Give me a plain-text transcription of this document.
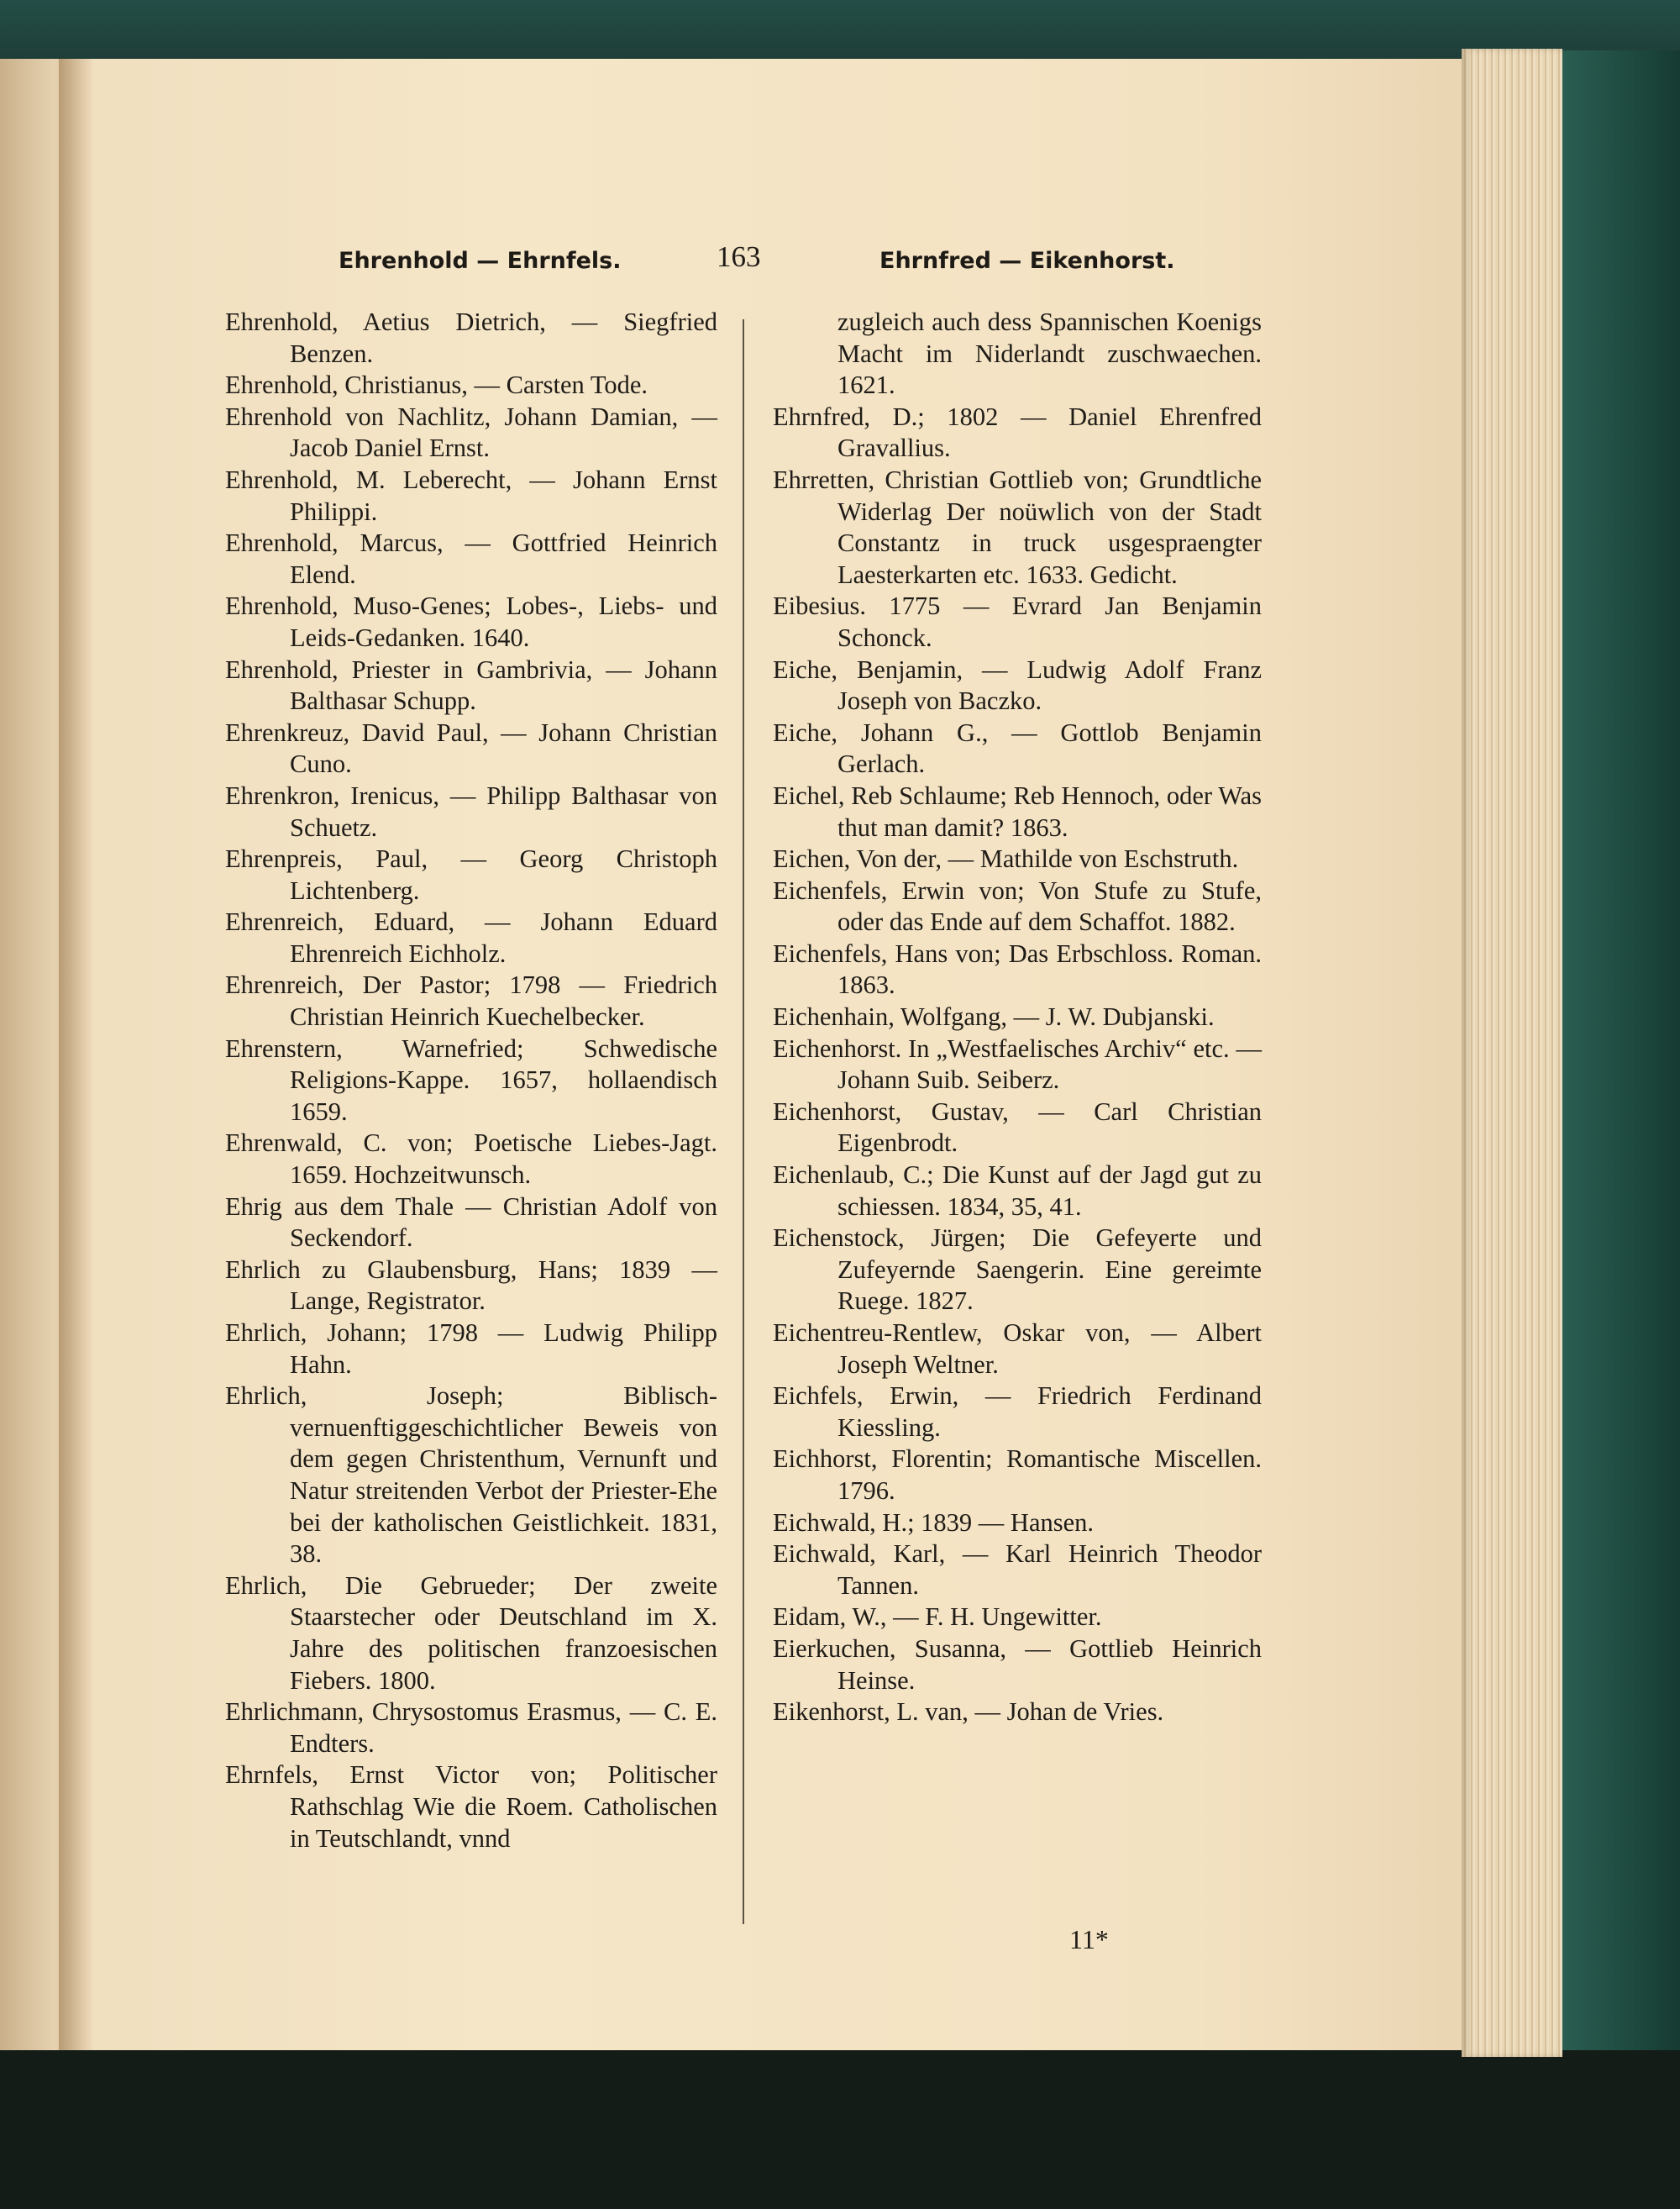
Ehrenhold — Ehrnfels.	163	Ehrnfred — Eikenhorst.
Ehrenhold, Aetius Dietrich, — Siegfried Benzen.
Ehrenhold, Christianus, — Carsten Tode.
Ehrenhold von Nachlitz, Johann Damian, — Jacob Daniel Ernst.
Ehrenhold, M. Leberecht, — Johann Ernst Philippi.
Ehrenhold, Marcus, — Gottfried Heinrich Elend.
Ehrenhold, Muso-Genes; Lobes-, Liebs- und Leids-Gedanken. 1640.
Ehrenhold, Priester in Gambrivia, — Johann Balthasar Schupp.
Ehrenkreuz, David Paul, — Johann Christian Cuno.
Ehrenkron, Irenicus, — Philipp Balthasar von Schuetz.
Ehrenpreis, Paul, — Georg Christoph Lichtenberg.
Ehrenreich, Eduard, — Johann Eduard Ehrenreich Eichholz.
Ehrenreich, Der Pastor; 1798 — Friedrich Christian Heinrich Kuechelbecker.
Ehrenstern, Warnefried; Schwedische Religions-Kappe. 1657, hollaendisch 1659.
Ehrenwald, C. von; Poetische Liebes-Jagt. 1659. Hochzeitwunsch.
Ehrig aus dem Thale — Christian Adolf von Seckendorf.
Ehrlich zu Glaubensburg, Hans; 1839 — Lange, Registrator.
Ehrlich, Johann; 1798 — Ludwig Philipp Hahn.
Ehrlich, Joseph; Biblisch-vernuenftiggeschichtlicher Beweis von dem gegen Christenthum, Vernunft und Natur streitenden Verbot der Priester-Ehe bei der katholischen Geistlichkeit. 1831, 38.
Ehrlich, Die Gebrueder; Der zweite Staarstecher oder Deutschland im X. Jahre des politischen franzoesischen Fiebers. 1800.
Ehrlichmann, Chrysostomus Erasmus, — C. E. Endters.
Ehrnfels, Ernst Victor von; Politischer Rathschlag Wie die Roem. Catholischen in Teutschlandt, vnnd
zugleich auch dess Spannischen Koenigs Macht im Niderlandt zuschwaechen. 1621.
Ehrnfred, D.; 1802 — Daniel Ehrenfred Gravallius.
Ehrretten, Christian Gottlieb von; Grundtliche Widerlag Der noüwlich von der Stadt Constantz in truck usgespraengter Laesterkarten etc. 1633. Gedicht.
Eibesius. 1775 — Evrard Jan Benjamin Schonck.
Eiche, Benjamin, — Ludwig Adolf Franz Joseph von Baczko.
Eiche, Johann G., — Gottlob Benjamin Gerlach.
Eichel, Reb Schlaume; Reb Hennoch, oder Was thut man damit? 1863.
Eichen, Von der, — Mathilde von Eschstruth.
Eichenfels, Erwin von; Von Stufe zu Stufe, oder das Ende auf dem Schaffot. 1882.
Eichenfels, Hans von; Das Erbschloss. Roman. 1863.
Eichenhain, Wolfgang, — J. W. Dubjanski.
Eichenhorst. In „Westfaelisches Archiv“ etc. — Johann Suib. Seiberz.
Eichenhorst, Gustav, — Carl Christian Eigenbrodt.
Eichenlaub, C.; Die Kunst auf der Jagd gut zu schiessen. 1834, 35, 41.
Eichenstock, Jürgen; Die Gefeyerte und Zufeyernde Saengerin. Eine gereimte Ruege. 1827.
Eichentreu-Rentlew, Oskar von, — Albert Joseph Weltner.
Eichfels, Erwin, — Friedrich Ferdinand Kiessling.
Eichhorst, Florentin; Romantische Miscellen. 1796.
Eichwald, H.; 1839 — Hansen.
Eichwald, Karl, — Karl Heinrich Theodor Tannen.
Eidam, W., — F. H. Ungewitter.
Eierkuchen, Susanna, — Gottlieb Heinrich Heinse.
Eikenhorst, L. van, — Johan de Vries.
11*
